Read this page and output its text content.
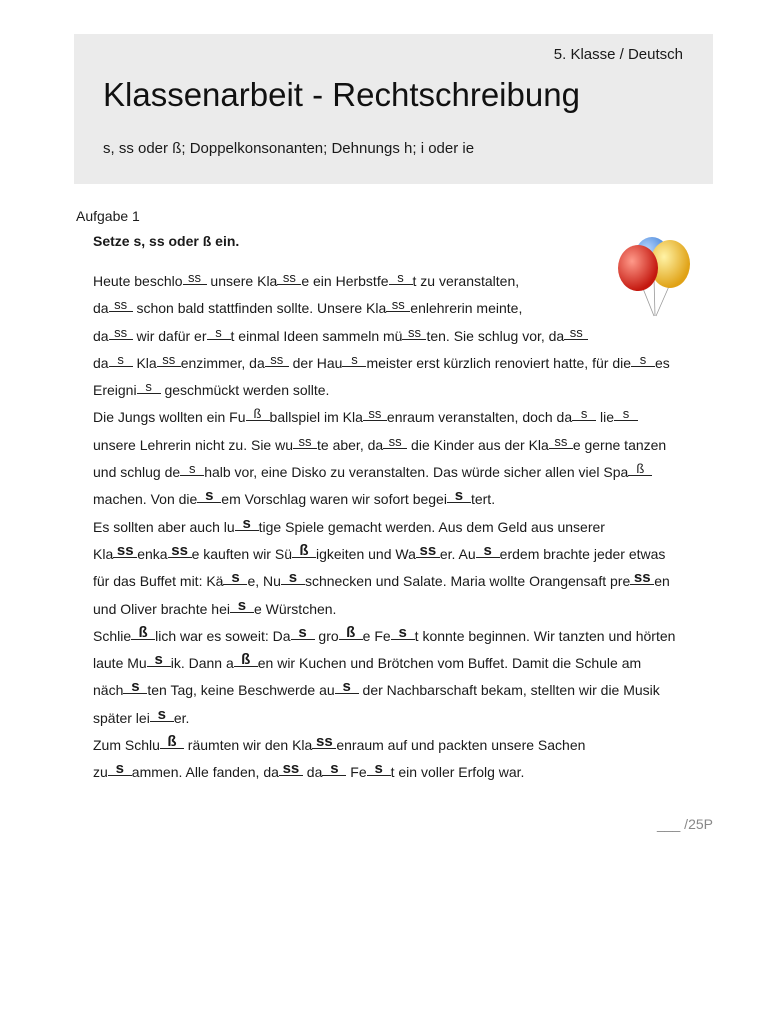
5. Klasse / Deutsch
Klassenarbeit - Rechtschreibung
s, ss oder ß; Doppelkonsonanten; Dehnungs h; i oder ie
Aufgabe 1
Setze s, ss oder ß ein.
Heute beschlo ss unsere Kla ss e ein Herbstfe s t zu veranstalten,
da ss schon bald stattfinden sollte. Unsere Kla ss enlehrerin meinte,
da ss wir dafür er s t einmal Ideen sammeln mü ss ten. Sie schlug vor, da ss
da s Kla ss enzimmer, da ss der Hau s meister erst kürzlich renoviert hatte, für die s es
Ereigni s geschmückt werden sollte.
Die Jungs wollten ein Fu ß ballspiel im Kla ss enraum veranstalten, doch da s lie s
unsere Lehrerin nicht zu. Sie wu ss te aber, da ss die Kinder aus der Kla ss e gerne tanzen
und schlug de s halb vor, eine Disko zu veranstalten. Das würde sicher allen viel Spa ß
machen. Von die s em Vorschlag waren wir sofort begei s tert.
Es sollten aber auch lu s tige Spiele gemacht werden. Aus dem Geld aus unserer
Kla ss enka ss e kauften wir Sü ß igkeiten und Wa ss er. Au s erdem brachte jeder etwas
für das Buffet mit: Kä s e, Nu s schnecken und Salate. Maria wollte Orangensaft pre ss en
und Oliver brachte hei s e Würstchen.
Schlie ß lich war es soweit: Da s gro ß e Fe s t konnte beginnen. Wir tanzten und hörten
laute Mu s ik. Dann a ß en wir Kuchen und Brötchen vom Buffet. Damit die Schule am
näch s ten Tag, keine Beschwerde au s der Nachbarschaft bekam, stellten wir die Musik
später lei s er.
Zum Schlu ß räumten wir den Kla ss enraum auf und packten unsere Sachen
zu s ammen. Alle fanden, da ss da s Fe s t ein voller Erfolg war.
___ /25P
